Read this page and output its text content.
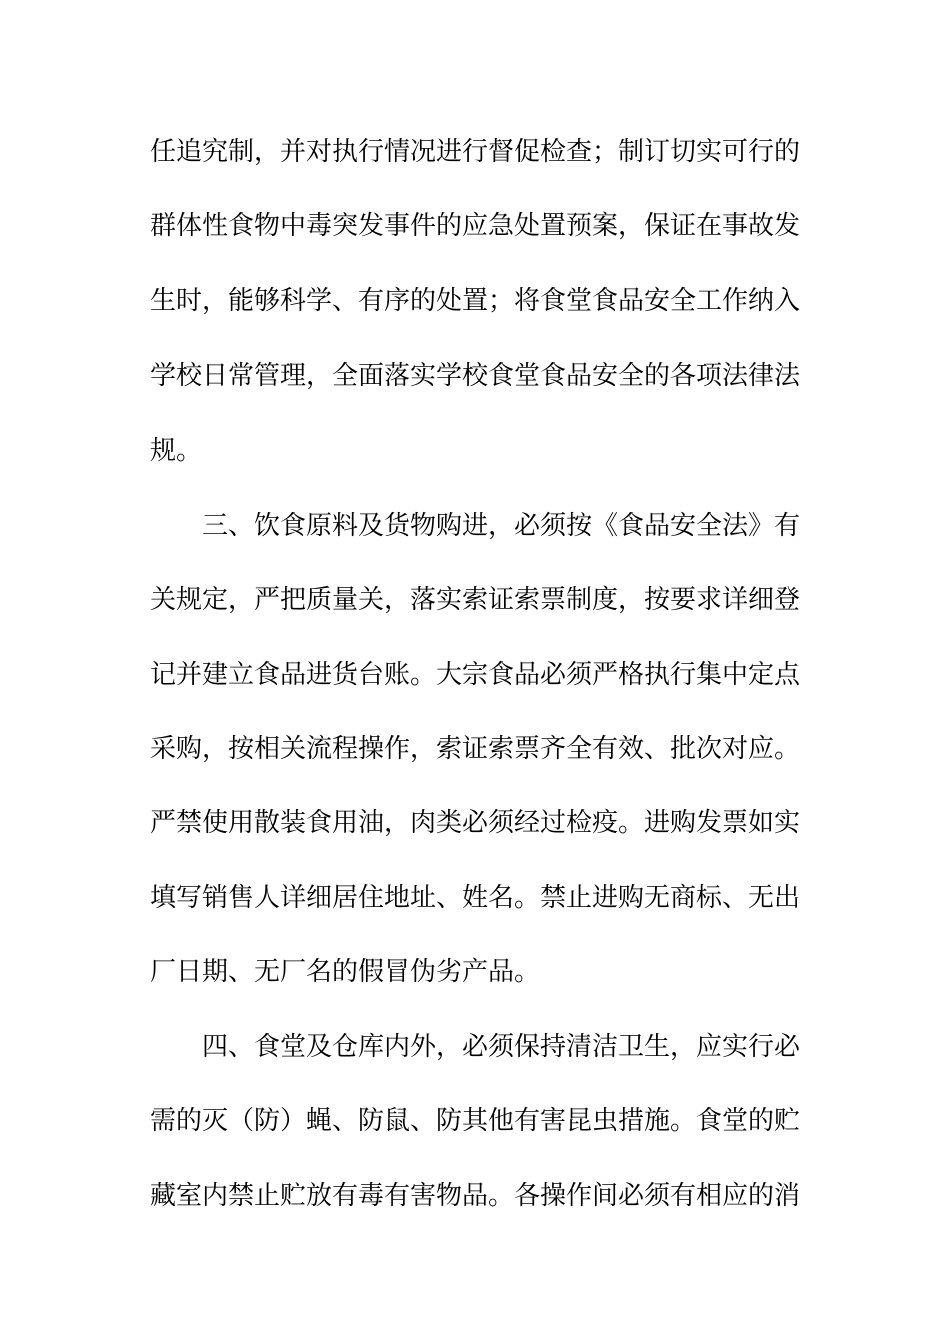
任追究制，并对执行情况进行督促检查；制订切实可行的
群体性食物中毒突发事件的应急处置预案，保证在事故发
生时，能够科学、有序的处置；将食堂食品安全工作纳入
学校日常管理，全面落实学校食堂食品安全的各项法律法
规。
三、饮食原料及货物购进，必须按《食品安全法》有
关规定，严把质量关，落实索证索票制度，按要求详细登
记并建立食品进货台账。大宗食品必须严格执行集中定点
采购，按相关流程操作，索证索票齐全有效、批次对应。
严禁使用散装食用油，肉类必须经过检疫。进购发票如实
填写销售人详细居住地址、姓名。禁止进购无商标、无出
厂日期、无厂名的假冒伪劣产品。
四、食堂及仓库内外，必须保持清洁卫生，应实行必
需的灭（防）蝇、防鼠、防其他有害昆虫措施。食堂的贮
藏室内禁止贮放有毒有害物品。各操作间必须有相应的消
